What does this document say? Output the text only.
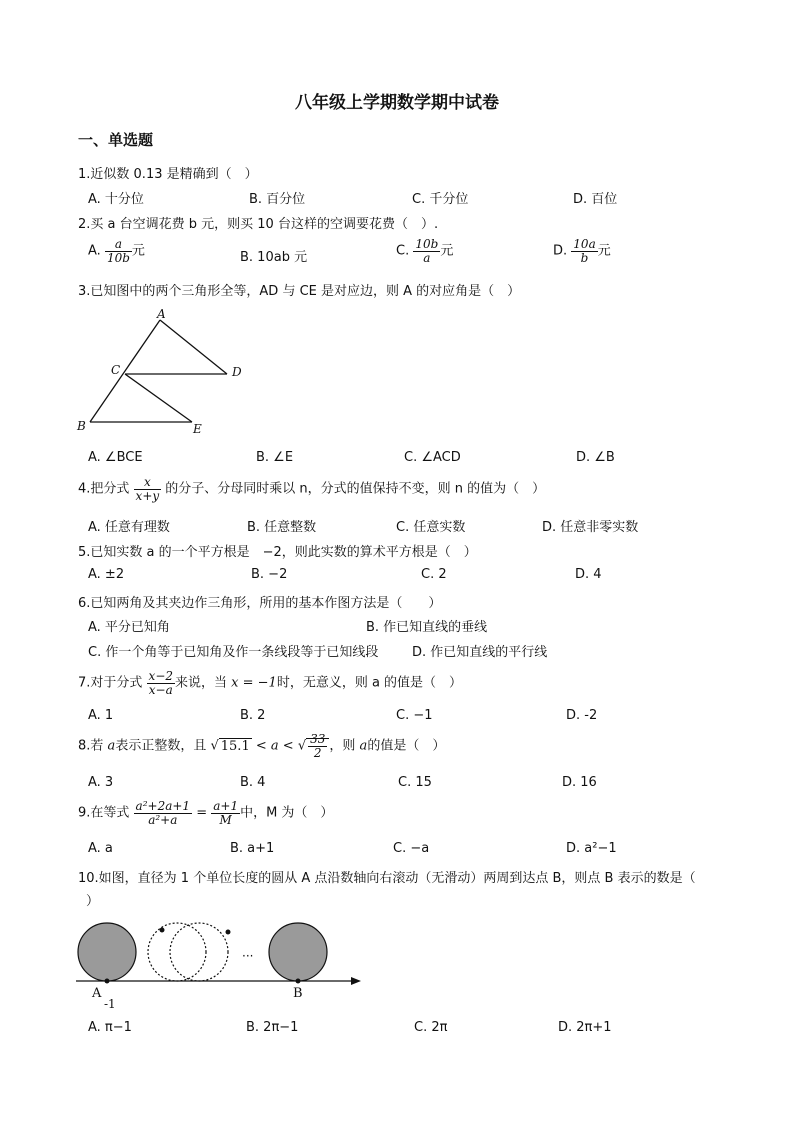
八年级上学期数学期中试卷
一、单选题
1.近似数 0.13 是精确到（　）
A. 十分位	B. 百分位	C. 千分位	D. 百位
2.买 a 台空调花费 b 元，则买 10 台这样的空调要花费（　）.
A. $\frac{a}{10b}$ 元	B. 10ab 元	C. $\frac{10b}{a}$ 元	D. $\frac{10a}{b}$ 元
3.已知图中的两个三角形全等，AD 与 CE 是对应边，则 A 的对应角是（　）
A
C	D
B	E
A. ∠BCE	B. ∠E	C. ∠ACD	D. ∠B
4.把分式 $\frac{x}{x+y}$ 的分子、分母同时乘以 n，分式的值保持不变，则 n 的值为（　）
A. 任意有理数	B. 任意整数	C. 任意实数	D. 任意非零实数
5.已知实数 a 的一个平方根是　−2，则此实数的算术平方根是（　）
A. ±2	B. −2	C. 2	D. 4
6.已知两角及其夹边作三角形，所用的基本作图方法是（　　）
A. 平分已知角	B. 作已知直线的垂线
C. 作一个角等于已知角及作一条线段等于已知线段	D. 作已知直线的平行线
7.对于分式 $\frac{x-2}{x-a}$ 来说，当 x = −1时，无意义，则 a 的值是（　）
A. 1	B. 2	C. −1	D. -2
8.若 a表示正整数，且 √ 15.1 < a < √ $\frac{33}{2}$ ，则 a的值是（　）
A. 3	B. 4	C. 15	D. 16
9.在等式 $\frac{\text{a²+2a+1}}{\text{a²+a}} = \frac{a+1}{M}$ 中，M 为（　）
A. a	B. a+1	C. −a	D. a²−1
10.如图，直径为 1 个单位长度的圆从 A 点沿数轴向右滚动（无滑动）两周到达点 B，则点 B 表示的数是（
）
···
A
-1
B
A. π−1	B. 2π−1	C. 2π	D. 2π+1
